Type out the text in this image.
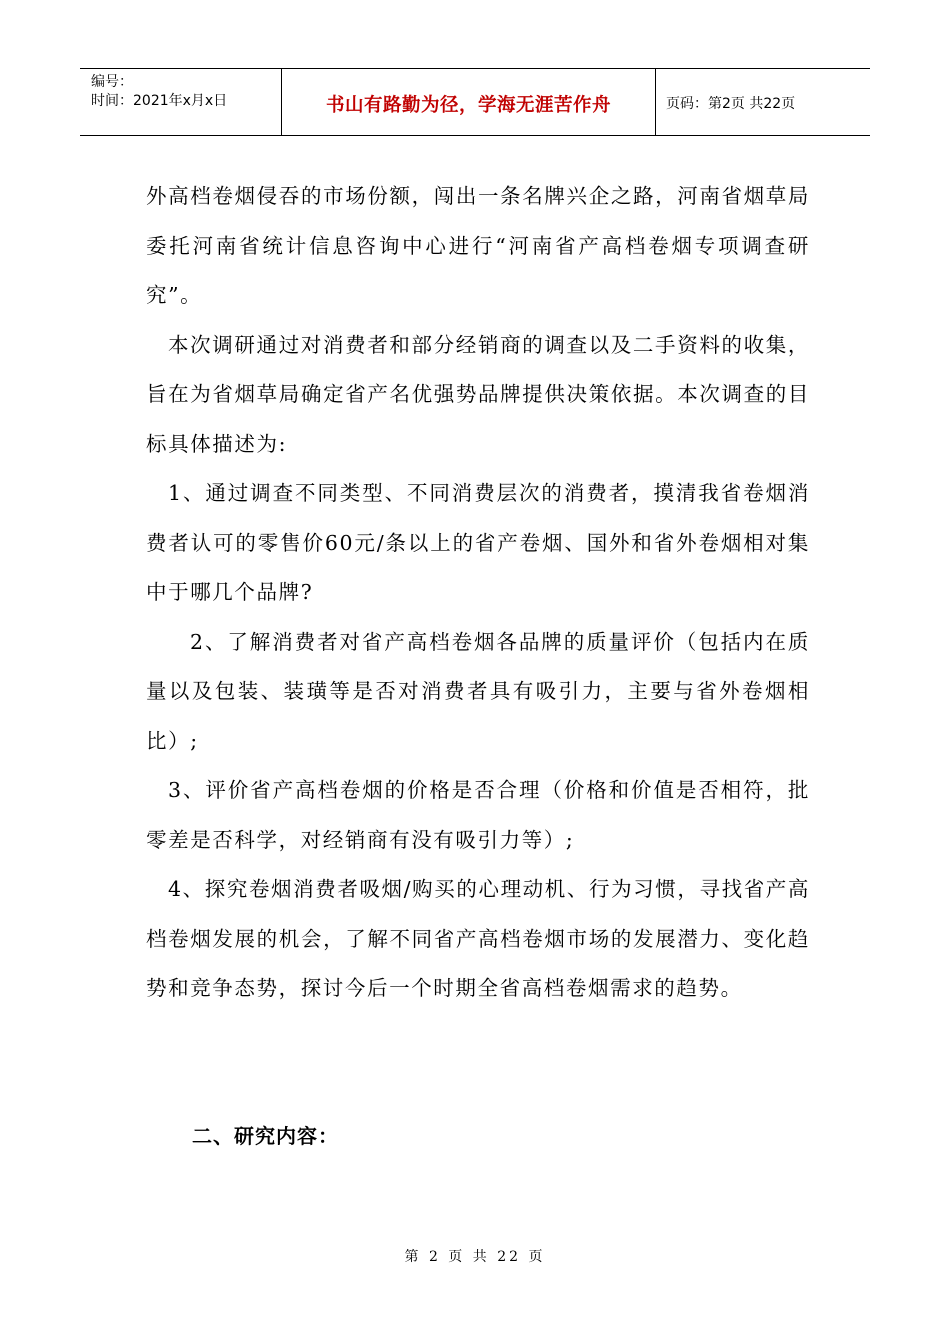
编号：
时间：2021年x月x日	书山有路勤为径，学海无涯苦作舟	页码：第2页 共22页

外高档卷烟侵吞的市场份额，闯出一条名牌兴企之路，河南省烟草局委托河南省统计信息咨询中心进行“河南省产高档卷烟专项调查研究”。

本次调研通过对消费者和部分经销商的调查以及二手资料的收集，旨在为省烟草局确定省产名优强势品牌提供决策依据。本次调查的目标具体描述为:

1、通过调查不同类型、不同消费层次的消费者，摸清我省卷烟消费者认可的零售价60元/条以上的省产卷烟、国外和省外卷烟相对集中于哪几个品牌?

2、了解消费者对省产高档卷烟各品牌的质量评价（包括内在质量以及包装、装璜等是否对消费者具有吸引力，主要与省外卷烟相比）;

3、评价省产高档卷烟的价格是否合理（价格和价值是否相符，批零差是否科学，对经销商有没有吸引力等）;

4、探究卷烟消费者吸烟/购买的心理动机、行为习惯，寻找省产高档卷烟发展的机会，了解不同省产高档卷烟市场的发展潜力、变化趋势和竞争态势，探讨今后一个时期全省高档卷烟需求的趋势。

二、研究内容：
第 2 页 共 22 页
